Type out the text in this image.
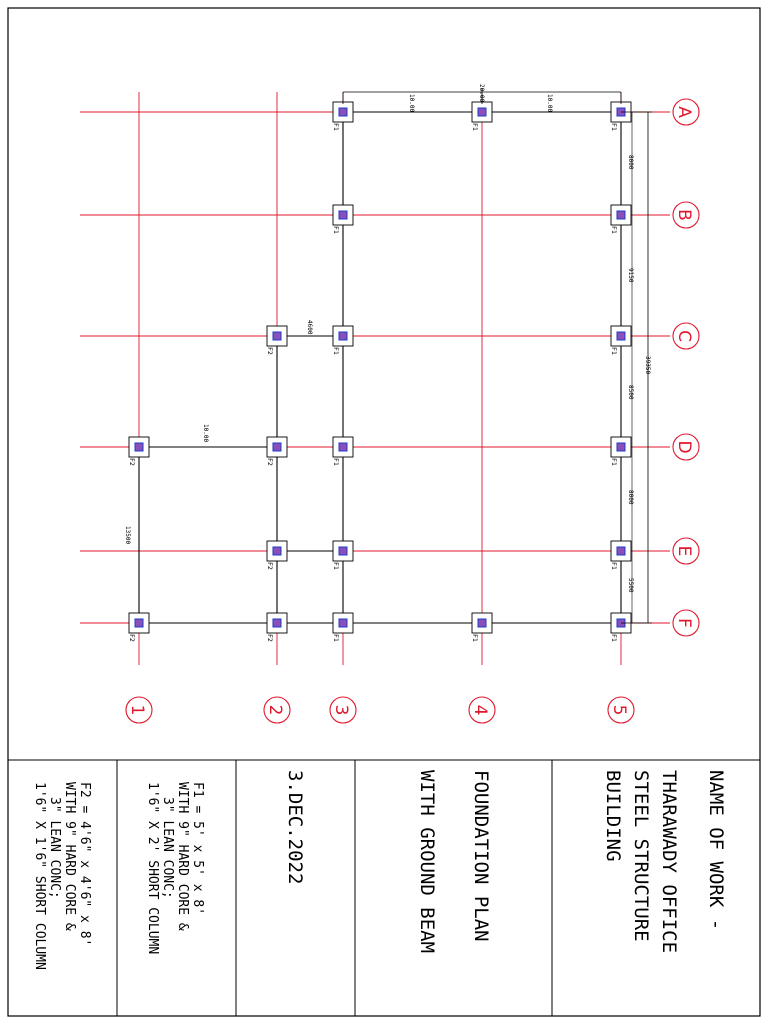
NAME OF WORK -
THARAWADY OFFICE
STEEL STRUCTURE
BUILDING
FOUNDATION PLAN
WITH GROUND BEAM
3.DEC.2022
F1 = 5' x 5' x 8'
WITH 9" HARD CORE &
3" LEAN CONC;
1'6" X 2' SHORT COLUMN
F2 = 4'6" x 4'6" x 8'
WITH 9" HARD CORE &
3" LEAN CONC;
1'6" X 1'6" SHORT COLUMN
F1	F1	F1
F1	F1
F2	F1	F1
F2	F2	F1	F1
F2	F1	F1
F2	F2	F1	F1	F1
A
B
C
D
E
F
1	2	3	4	5
10.00	10.00
20.00
8000
9150
8500
8000
5500
39350
4600
10.00
13500
